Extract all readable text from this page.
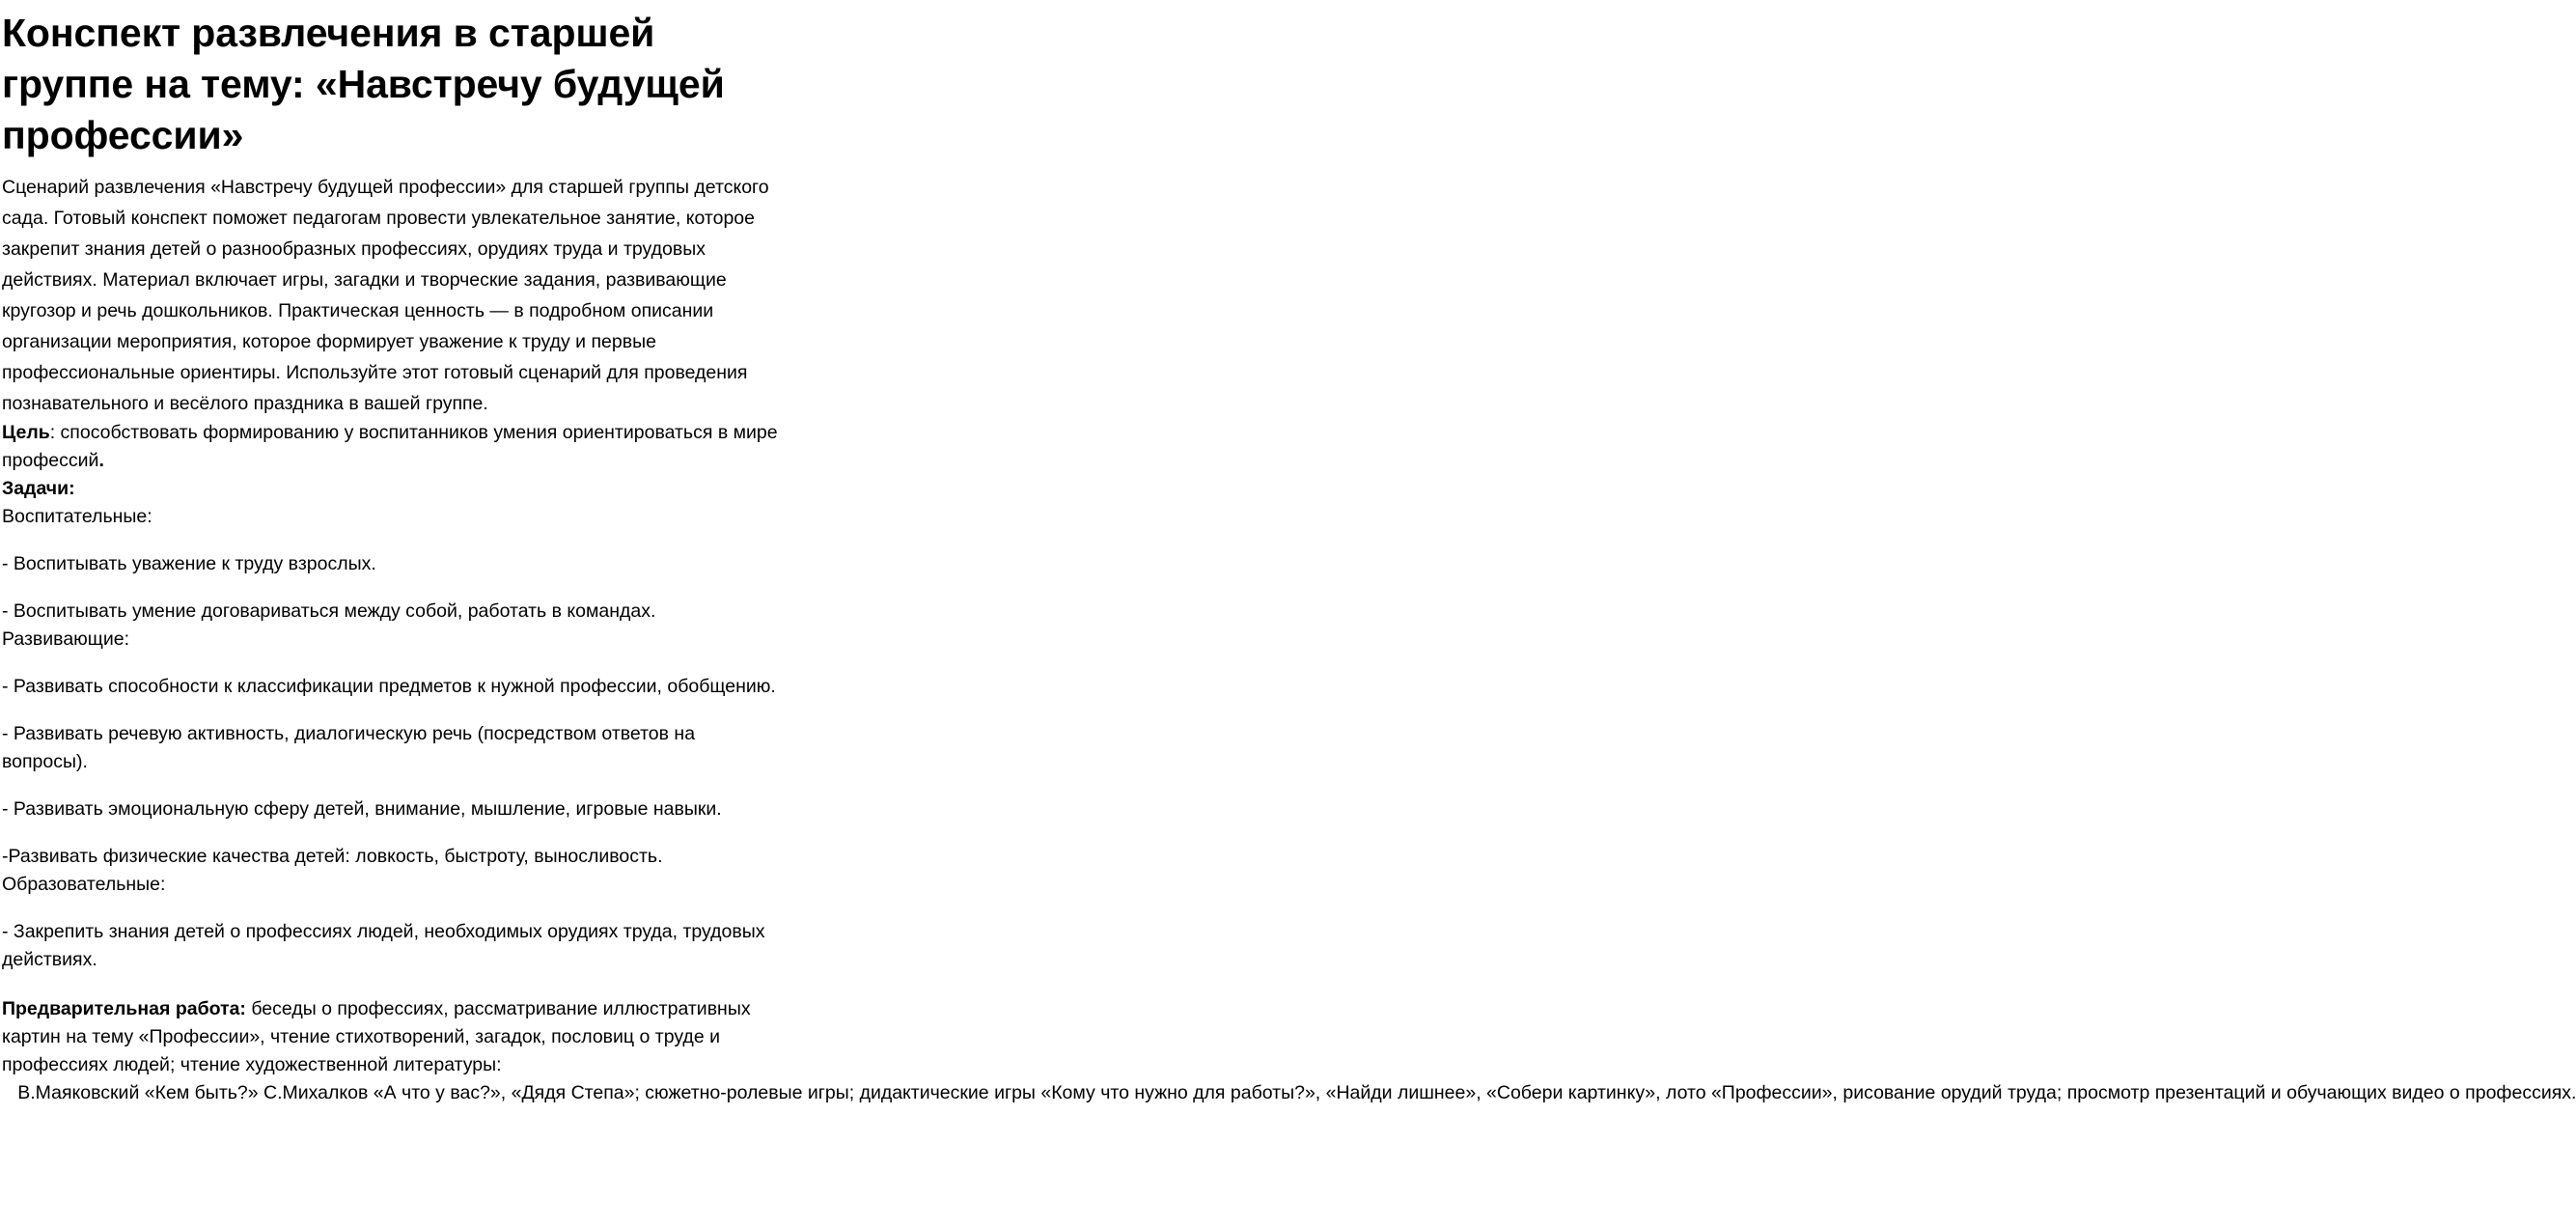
Конспект развлечения в старшей группе на тему: «Навстречу будущей профессии»

Сценарий развлечения «Навстречу будущей профессии» для старшей группы детского сада. Готовый конспект поможет педагогам провести увлекательное занятие, которое закрепит знания детей о разнообразных профессиях, орудиях труда и трудовых действиях. Материал включает игры, загадки и творческие задания, развивающие кругозор и речь дошкольников. Практическая ценность — в подробном описании организации мероприятия, которое формирует уважение к труду и первые профессиональные ориентиры. Используйте этот готовый сценарий для проведения познавательного и весёлого праздника в вашей группе.

Цель: способствовать формированию у воспитанников умения ориентироваться в мире профессий.

Задачи:

Воспитательные:

- Воспитывать уважение к труду взрослых.

- Воспитывать умение договариваться между собой, работать в командах.

Развивающие:

- Развивать способности к классификации предметов к нужной профессии, обобщению.

- Развивать речевую активность, диалогическую речь (посредством ответов на вопросы).

- Развивать эмоциональную сферу детей, внимание, мышление, игровые навыки.

-Развивать физические качества детей: ловкость, быстроту, выносливость.

Образовательные:

- Закрепить знания детей о профессиях людей, необходимых орудиях труда, трудовых действиях.

Предварительная работа: беседы о профессиях, рассматривание иллюстративных картин на тему «Профессии», чтение стихотворений, загадок, пословиц о труде и профессиях людей; чтение художественной литературы:   В.Маяковский «Кем быть?» С.Михалков «А что у вас?», «Дядя Степа»; сюжетно-ролевые игры; дидактические игры «Кому что нужно для работы?», «Найди лишнее», «Собери картинку», лото «Профессии», рисование орудий труда; просмотр презентаций и обучающих видео о профессиях.
